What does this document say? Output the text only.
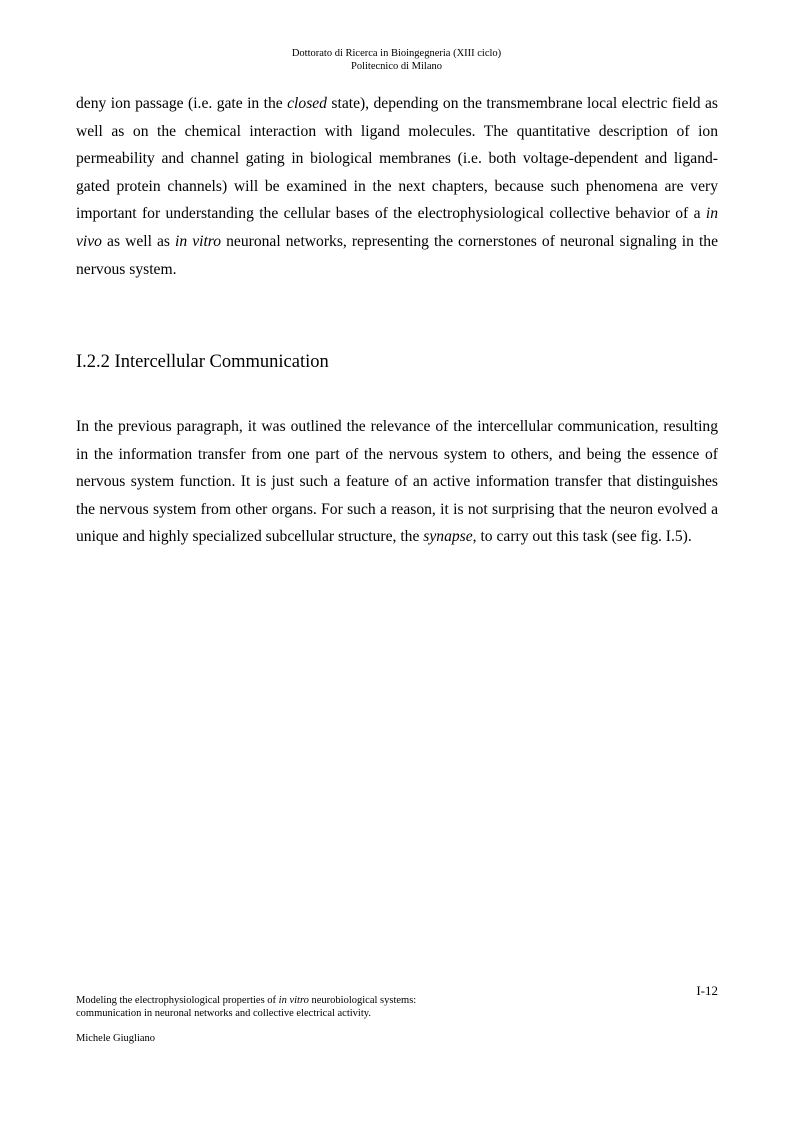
Dottorato di Ricerca in Bioingegneria (XIII ciclo)
Politecnico di Milano

deny ion passage (i.e. gate in the closed state), depending on the transmembrane local electric field as well as on the chemical interaction with ligand molecules. The quantitative description of ion permeability and channel gating in biological membranes (i.e. both voltage-dependent and ligand-gated protein channels) will be examined in the next chapters, because such phenomena are very important for understanding the cellular bases of the electrophysiological collective behavior of a in vivo as well as in vitro neuronal networks, representing the cornerstones of neuronal signaling in the nervous system.

I.2.2 Intercellular Communication

In the previous paragraph, it was outlined the relevance of the intercellular communication, resulting in the information transfer from one part of the nervous system to others, and being the essence of nervous system function. It is just such a feature of an active information transfer that distinguishes the nervous system from other organs. For such a reason, it is not surprising that the neuron evolved a unique and highly specialized subcellular structure, the synapse, to carry out this task (see fig. I.5).

I-12
Modeling the electrophysiological properties of in vitro neurobiological systems:
communication in neuronal networks and collective electrical activity.
Michele Giugliano
